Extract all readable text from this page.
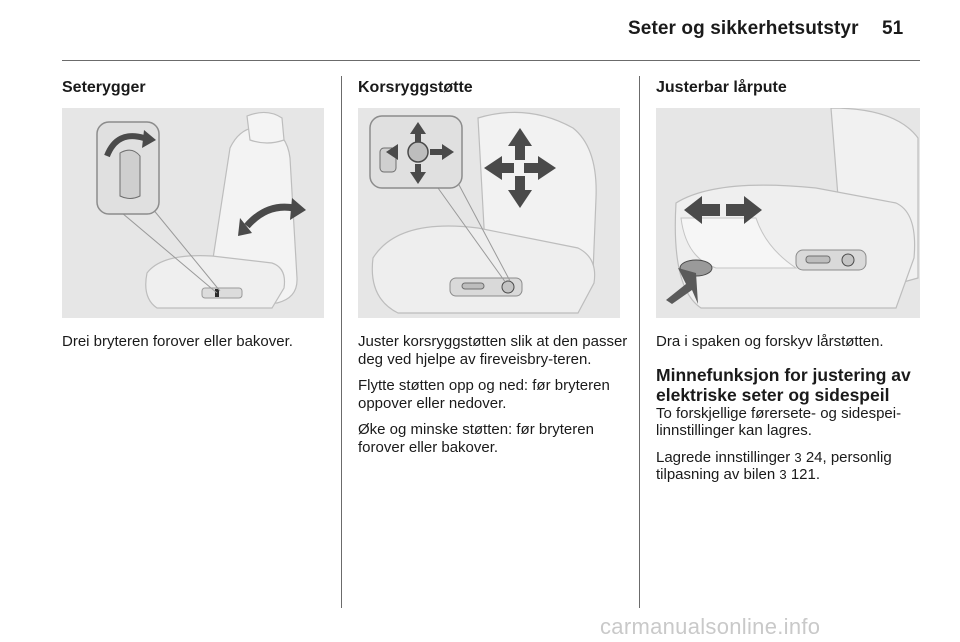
Seter og sikkerhetsutstyr 51
Seterygger

Drei bryteren forover eller bakover.

Korsryggstøtte

Juster korsryggstøtten slik at den passer deg ved hjelpe av fireveisbry-teren.

Flytte støtten opp og ned: før bryteren oppover eller nedover.

Øke og minske støtten: før bryteren forover eller bakover.

Justerbar lårpute

Dra i spaken og forskyv lårstøtten.

Minnefunksjon for justering av elektriske seter og sidespeil

To forskjellige førersete- og sidespei-linnstillinger kan lagres.

Lagrede innstillinger 3 24, personlig tilpasning av bilen 3 121.

carmanualsonline.info
